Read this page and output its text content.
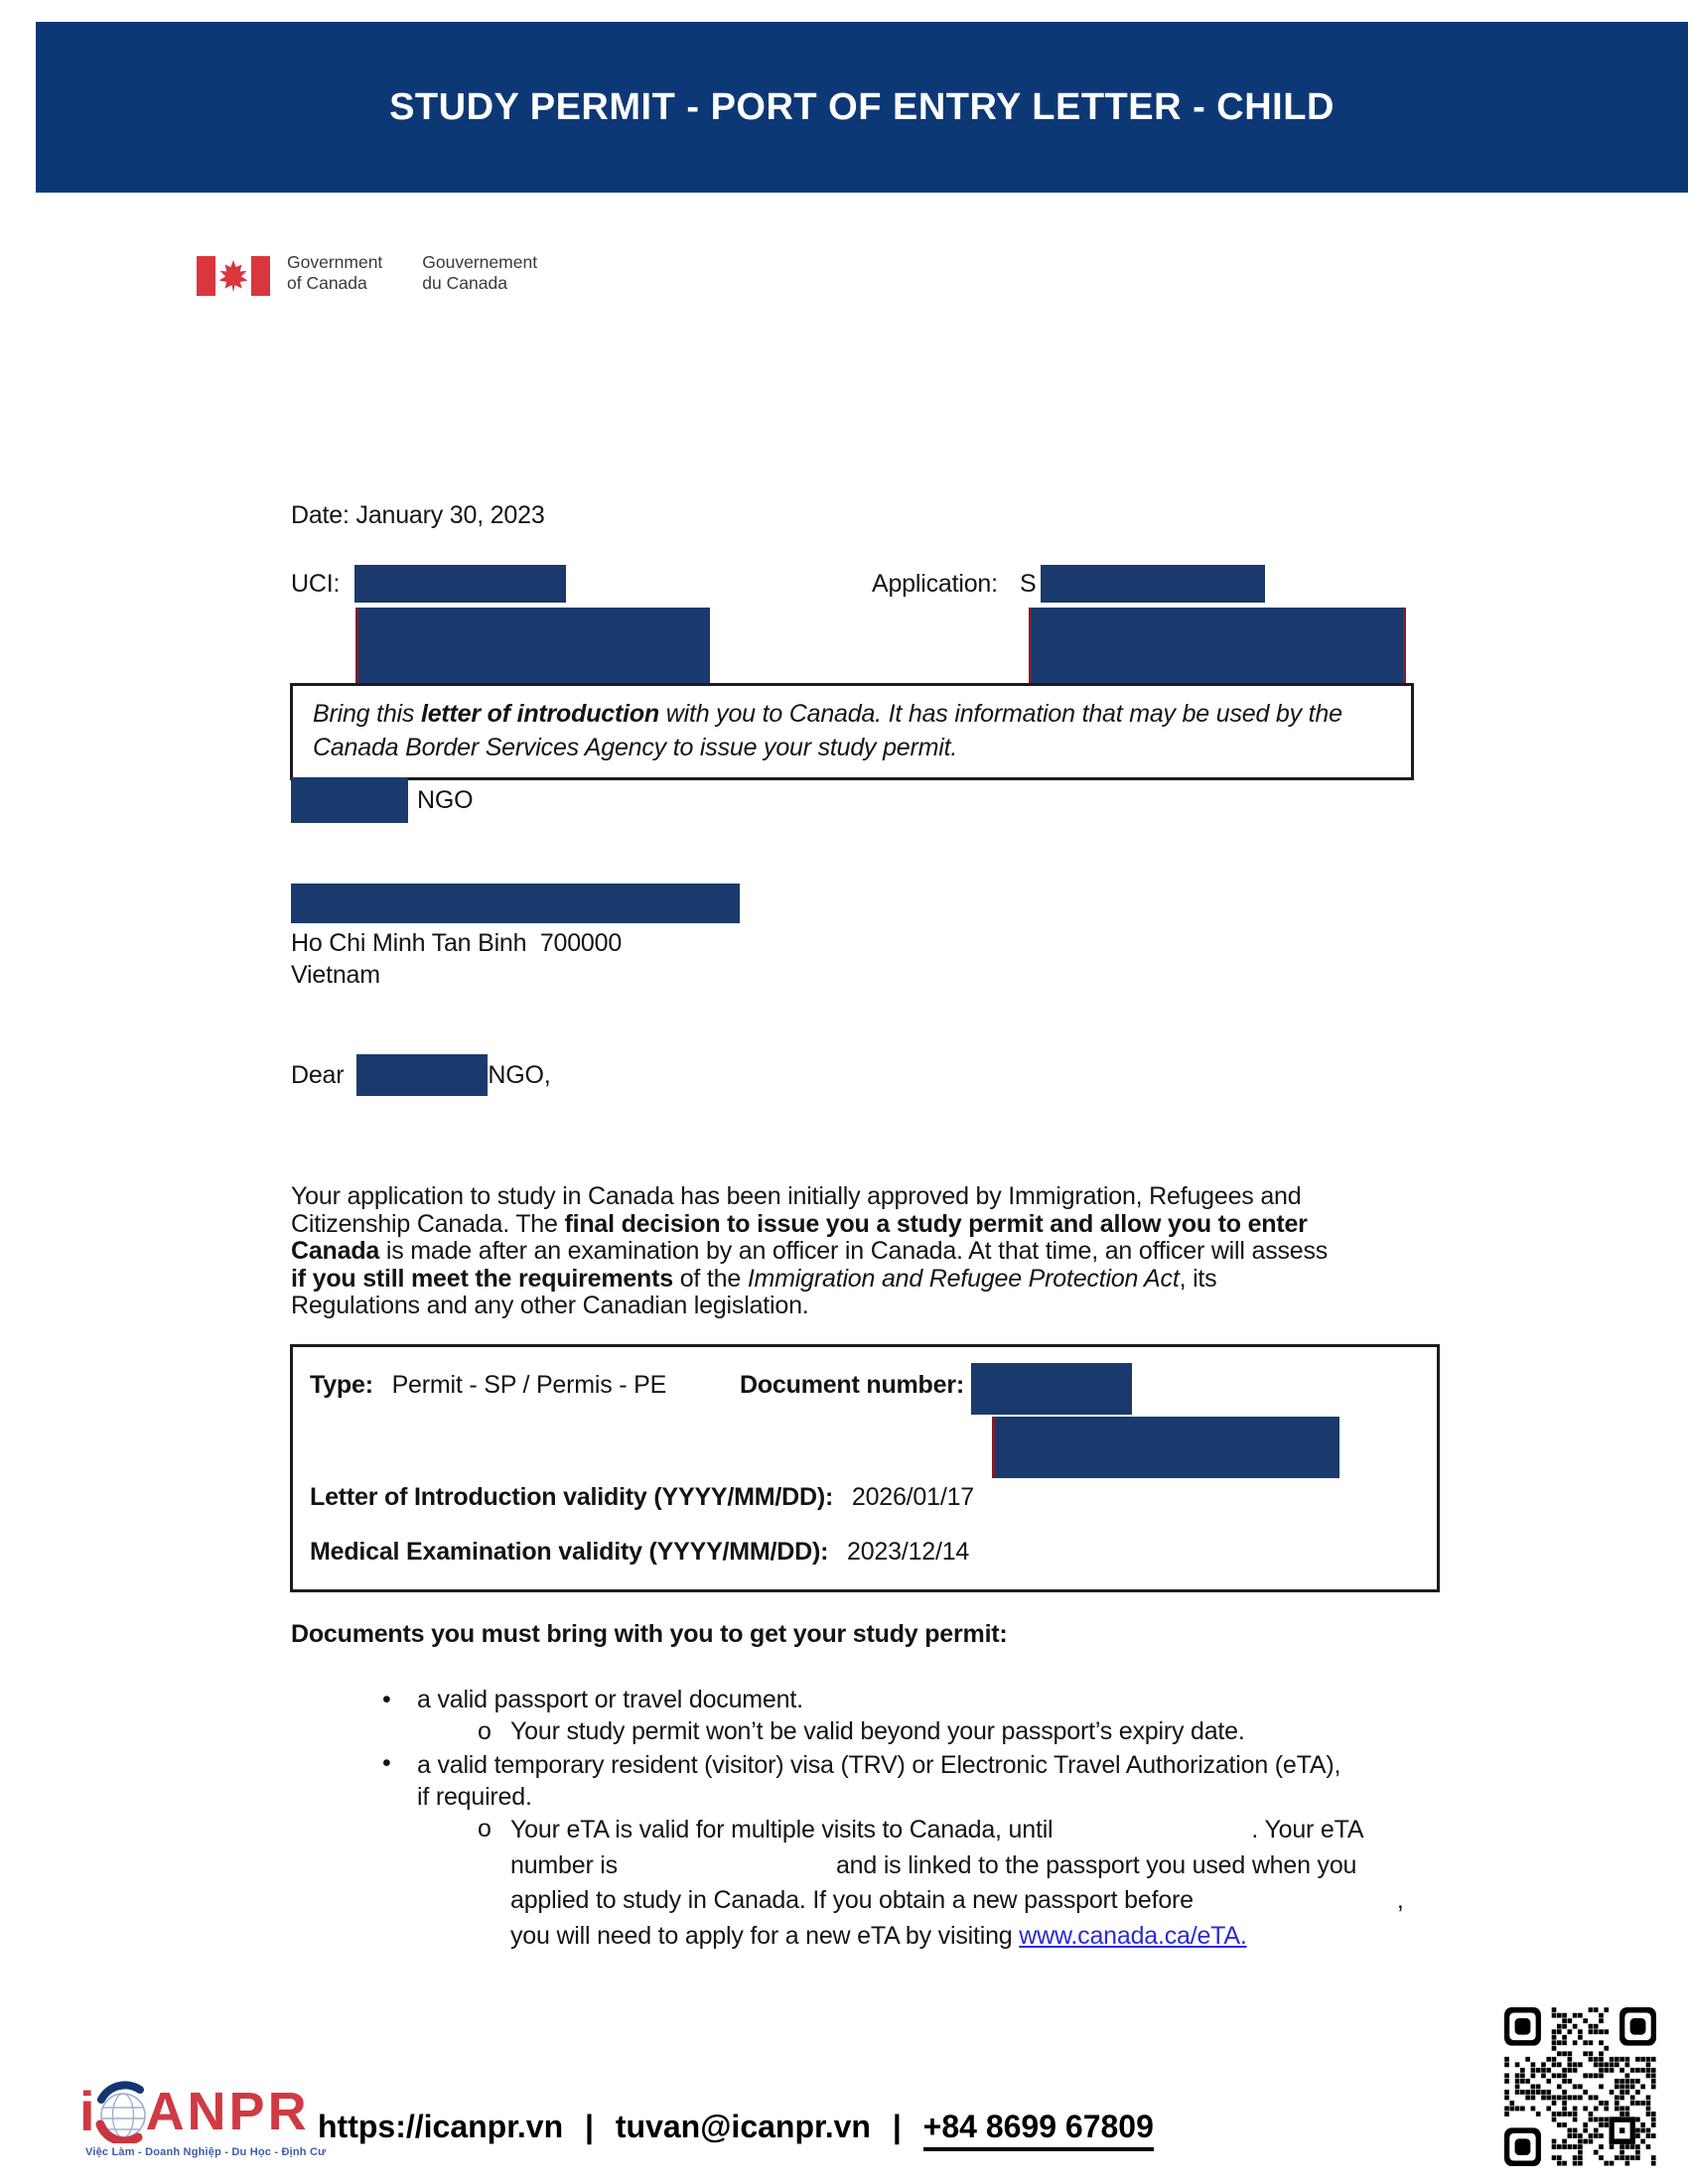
STUDY PERMIT - PORT OF ENTRY LETTER - CHILD
Government
of Canada
Gouvernement
du Canada
Date: January 30, 2023
UCI:	Application: S
Bring this letter of introduction with you to Canada. It has information that may be used by the
Canada Border Services Agency to issue your study permit.
NGO
Ho Chi Minh Tan Binh  700000
Vietnam
Dear	NGO,
Your application to study in Canada has been initially approved by Immigration, Refugees and
Citizenship Canada. The final decision to issue you a study permit and allow you to enter
Canada is made after an examination by an officer in Canada. At that time, an officer will assess
if you still meet the requirements of the Immigration and Refugee Protection Act, its
Regulations and any other Canadian legislation.
Type: Permit - SP / Permis - PE	Document number:
Letter of Introduction validity (YYYY/MM/DD): 2026/01/17
Medical Examination validity (YYYY/MM/DD): 2023/12/14
Documents you must bring with you to get your study permit:
•	a valid passport or travel document.
o Your study permit won’t be valid beyond your passport’s expiry date.
•	a valid temporary resident (visitor) visa (TRV) or Electronic Travel Authorization (eTA),
if required.
o Your eTA is valid for multiple visits to Canada, until	. Your eTA
number is	and is linked to the passport you used when you
applied to study in Canada. If you obtain a new passport before	,
you will need to apply for a new eTA by visiting www.canada.ca/eTA.
i ANPR
Việc Làm - Doanh Nghiệp - Du Học - Định Cư
https://icanpr.vn | tuvan@icanpr.vn | +84 8699 67809
